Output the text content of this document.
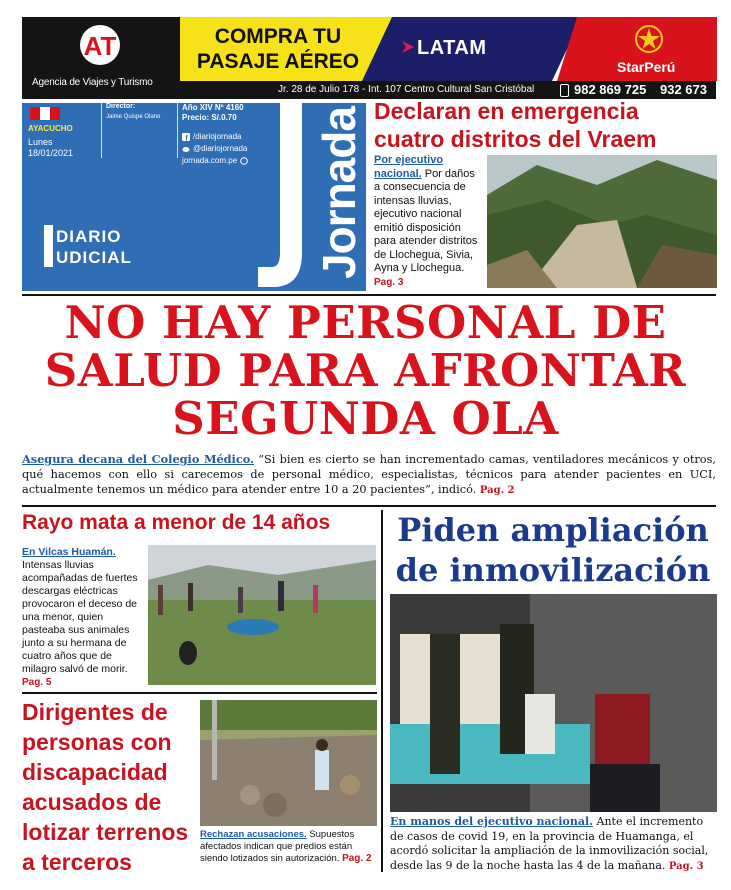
AT
Agencia de Viajes y Turismo
COMPRA TU
PASAJE AÉREO
LATAM
StarPerú
Jr. 28 de Julio 178 - Int. 107 Centro Cultural San Cristóbal	982 869 725 932 673 089
AYACUCHO
Lunes
18/01/2021
Director:
Jaime Quispe Olano
Año XIV Nº 4160
Precio: S/.0.70
f /diariojornada
@diariojornada
jornada.com.pe Jornada
DIARIO
UDICIAL
Declaran en emergencia cuatro distritos del Vraem
Por ejecutivo nacional. Por daños a consecuencia de intensas lluvias, ejecutivo nacional emitió disposición para atender distritos de Llochegua, Sivia, Ayna y Llochegua. Pag. 3
NO HAY PERSONAL DE SALUD PARA AFRONTAR SEGUNDA OLA
Asegura decana del Colegio Médico. “Si bien es cierto se han incrementado camas, ventiladores mecánicos y otros, qué hacemos con ello si carecemos de personal médico, especialistas, técnicos para atender pacientes en UCI, actualmente tenemos un médico para atender entre 10 a 20 pacientes”, indicó. Pag. 2
Rayo mata a menor de 14 años
En Vilcas Huamán. Intensas lluvias acompañadas de fuertes descargas eléctricas provocaron el deceso de una menor, quien pasteaba sus animales junto a su hermana de cuatro años que de milagro salvó de morir. Pag. 5
Dirigentes de personas con discapacidad acusados de lotizar terrenos a terceros
Rechazan acusaciones. Supuestos afectados indican que predios están siendo lotizados sin autorización. Pag. 2
Piden ampliación de inmovilización
En manos del ejecutivo nacional. Ante el incremento de casos de covid 19, en la provincia de Huamanga, el acordó solicitar la ampliación de la inmovilización social, desde las 9 de la noche hasta las 4 de la mañana. Pag. 3
